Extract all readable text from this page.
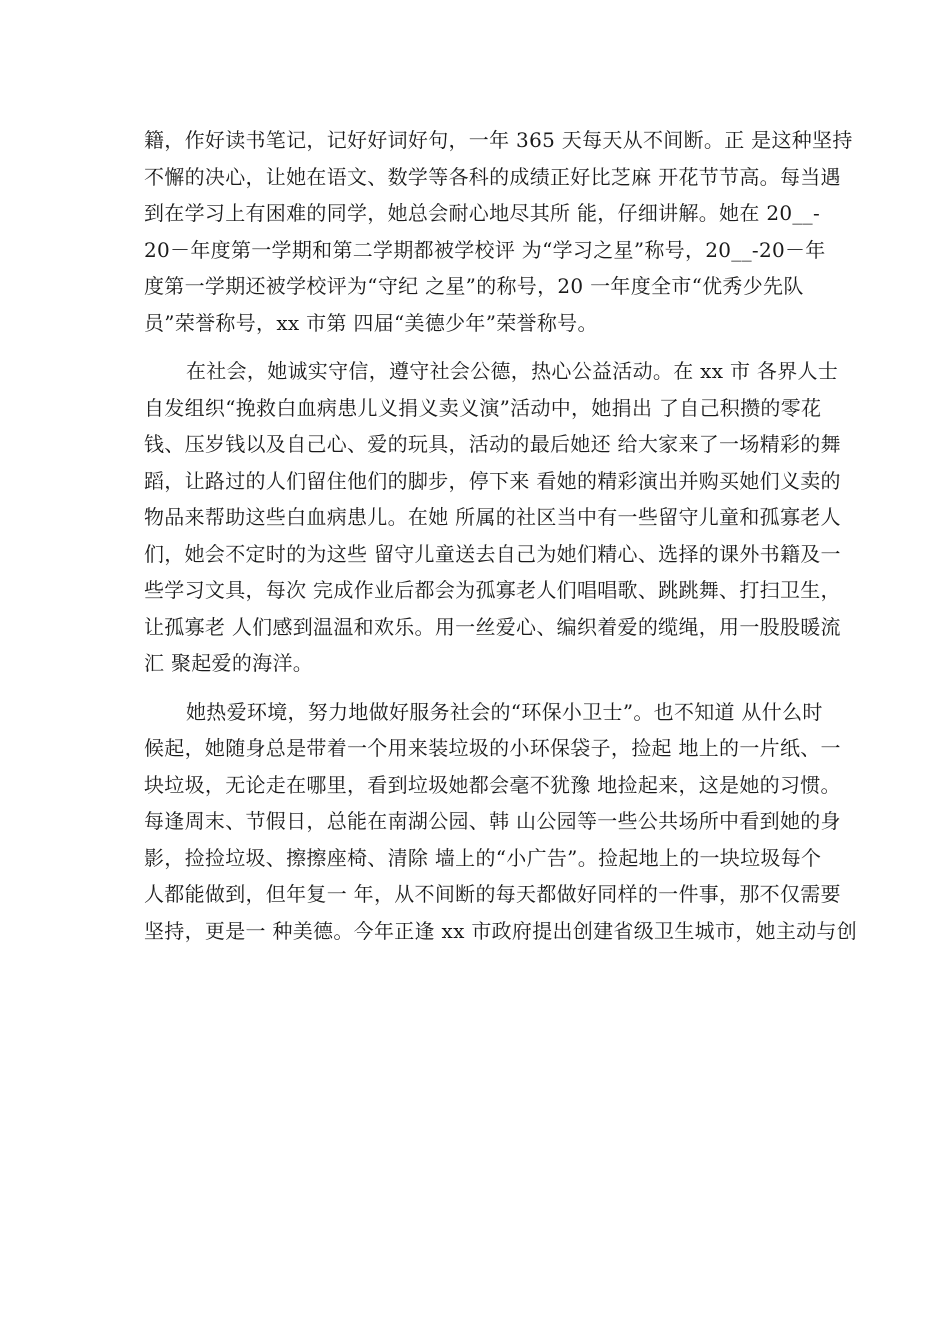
籍，作好读书笔记，记好好词好句，一年 365 天每天从不间断。正 是这种坚持
不懈的决心，让她在语文、数学等各科的成绩正好比芝麻 开花节节高。每当遇
到在学习上有困难的同学，她总会耐心地尽其所 能，仔细讲解。她在 20__-
20－年度第一学期和第二学期都被学校评 为“学习之星”称号，20__-20－年
度第一学期还被学校评为“守纪 之星”的称号，20 一年度全市“优秀少先队
员”荣誉称号，xx 市第 四届“美德少年”荣誉称号。
在社会，她诚实守信，遵守社会公德，热心公益活动。在 xx 市 各界人士
自发组织“挽救白血病患儿义捐义卖义演”活动中，她捐出 了自己积攒的零花
钱、压岁钱以及自己心、爱的玩具，活动的最后她还 给大家来了一场精彩的舞
蹈，让路过的人们留住他们的脚步，停下来 看她的精彩演出并购买她们义卖的
物品来帮助这些白血病患儿。在她 所属的社区当中有一些留守儿童和孤寡老人
们，她会不定时的为这些 留守儿童送去自己为她们精心、选择的课外书籍及一
些学习文具，每次 完成作业后都会为孤寡老人们唱唱歌、跳跳舞、打扫卫生，
让孤寡老 人们感到温温和欢乐。用一丝爱心、编织着爱的缆绳，用一股股暖流
汇 聚起爱的海洋。
她热爱环境，努力地做好服务社会的“环保小卫士”。也不知道 从什么时
候起，她随身总是带着一个用来装垃圾的小环保袋子，捡起 地上的一片纸、一
块垃圾，无论走在哪里，看到垃圾她都会毫不犹豫 地捡起来，这是她的习惯。
每逢周末、节假日，总能在南湖公园、韩 山公园等一些公共场所中看到她的身
影，捡捡垃圾、擦擦座椅、清除 墙上的“小广告”。捡起地上的一块垃圾每个
人都能做到，但年复一 年，从不间断的每天都做好同样的一件事，那不仅需要
坚持，更是一 种美德。今年正逢 xx 市政府提出创建省级卫生城市，她主动与创
